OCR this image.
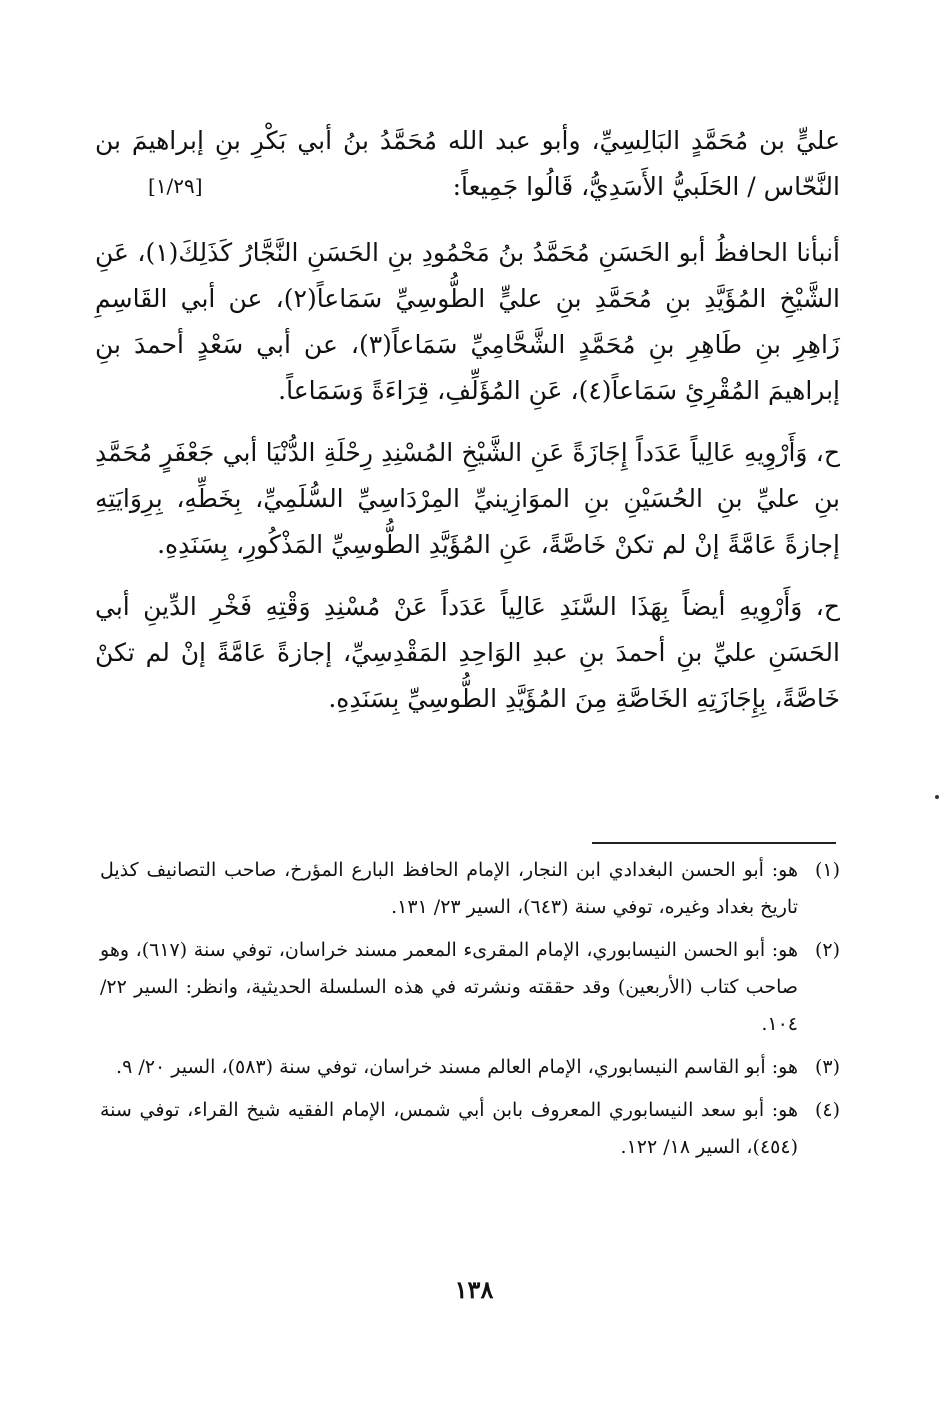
عليٍّ بن مُحَمَّدٍ البَالِسِيِّ، وأبو عبد الله مُحَمَّدُ بنُ أبي بَكْرِ بنِ إبراهيمَ بن النَّحّاس / الحَلَبيُّ الأَسَدِيُّ، قَالُوا جَمِيعاً:

أنبأنا الحافظُ أبو الحَسَنِ مُحَمَّدُ بنُ مَحْمُودِ بنِ الحَسَنِ النَّجَّارُ كَذَلِكَ(١)، عَنِ الشَّيْخِ المُؤَيَّدِ بنِ مُحَمَّدِ بنِ عليٍّ الطُّوسِيِّ سَمَاعاً(٢)، عن أبي القَاسِمِ زَاهِرِ بنِ طَاهِرِ بنِ مُحَمَّدٍ الشَّحَّامِيِّ سَمَاعاً(٣)، عن أبي سَعْدٍ أحمدَ بنِ إبراهيمَ المُقْرِئِ سَمَاعاً(٤)، عَنِ المُؤَلِّفِ، قِرَاءَةً وَسَمَاعاً.

ح، وَأَرْوِيهِ عَالِياً عَدَداً إِجَازَةً عَنِ الشَّيْخِ المُسْنِدِ رِحْلَةِ الدُّنْيَا أبي جَعْفَرٍ مُحَمَّدِ بنِ عليِّ بنِ الحُسَيْنِ بنِ الموَازِينيِّ المِرْدَاسِيِّ السُّلَمِيِّ، بِخَطِّهِ، بِرِوَايَتِهِ إجازةً عَامَّةً إنْ لم تكنْ خَاصَّةً، عَنِ المُؤَيَّدِ الطُّوسِيِّ المَذْكُورِ، بِسَنَدِهِ.

ح، وَأَرْوِيهِ أيضاً بِهَذَا السَّنَدِ عَالِياً عَدَداً عَنْ مُسْنِدِ وَقْتِهِ فَخْرِ الدِّينِ أبي الحَسَنِ عليِّ بنِ أحمدَ بنِ عبدِ الوَاحِدِ المَقْدِسِيِّ، إجازةً عَامَّةً إنْ لم تكنْ خَاصَّةً، بِإِجَازَتِهِ الخَاصَّةِ مِنَ المُؤَيَّدِ الطُّوسِيِّ بِسَنَدِهِ.

[١/٢٩]
(١)
هو: أبو الحسن البغدادي ابن النجار، الإمام الحافظ البارع المؤرخ، صاحب التصانيف كذيل تاريخ بغداد وغيره، توفي سنة (٦٤٣)، السير ٢٣/ ١٣١.
(٢)
هو: أبو الحسن النيسابوري، الإمام المقرىء المعمر مسند خراسان، توفي سنة (٦١٧)، وهو صاحب كتاب (الأربعين) وقد حققته ونشرته في هذه السلسلة الحديثية، وانظر: السير ٢٢/ ١٠٤.
(٣)
هو: أبو القاسم النيسابوري، الإمام العالم مسند خراسان، توفي سنة (٥٨٣)، السير ٢٠/ ٩.
(٤)
هو: أبو سعد النيسابوري المعروف بابن أبي شمس، الإمام الفقيه شيخ القراء، توفي سنة (٤٥٤)، السير ١٨/ ١٢٢.
١٣٨
